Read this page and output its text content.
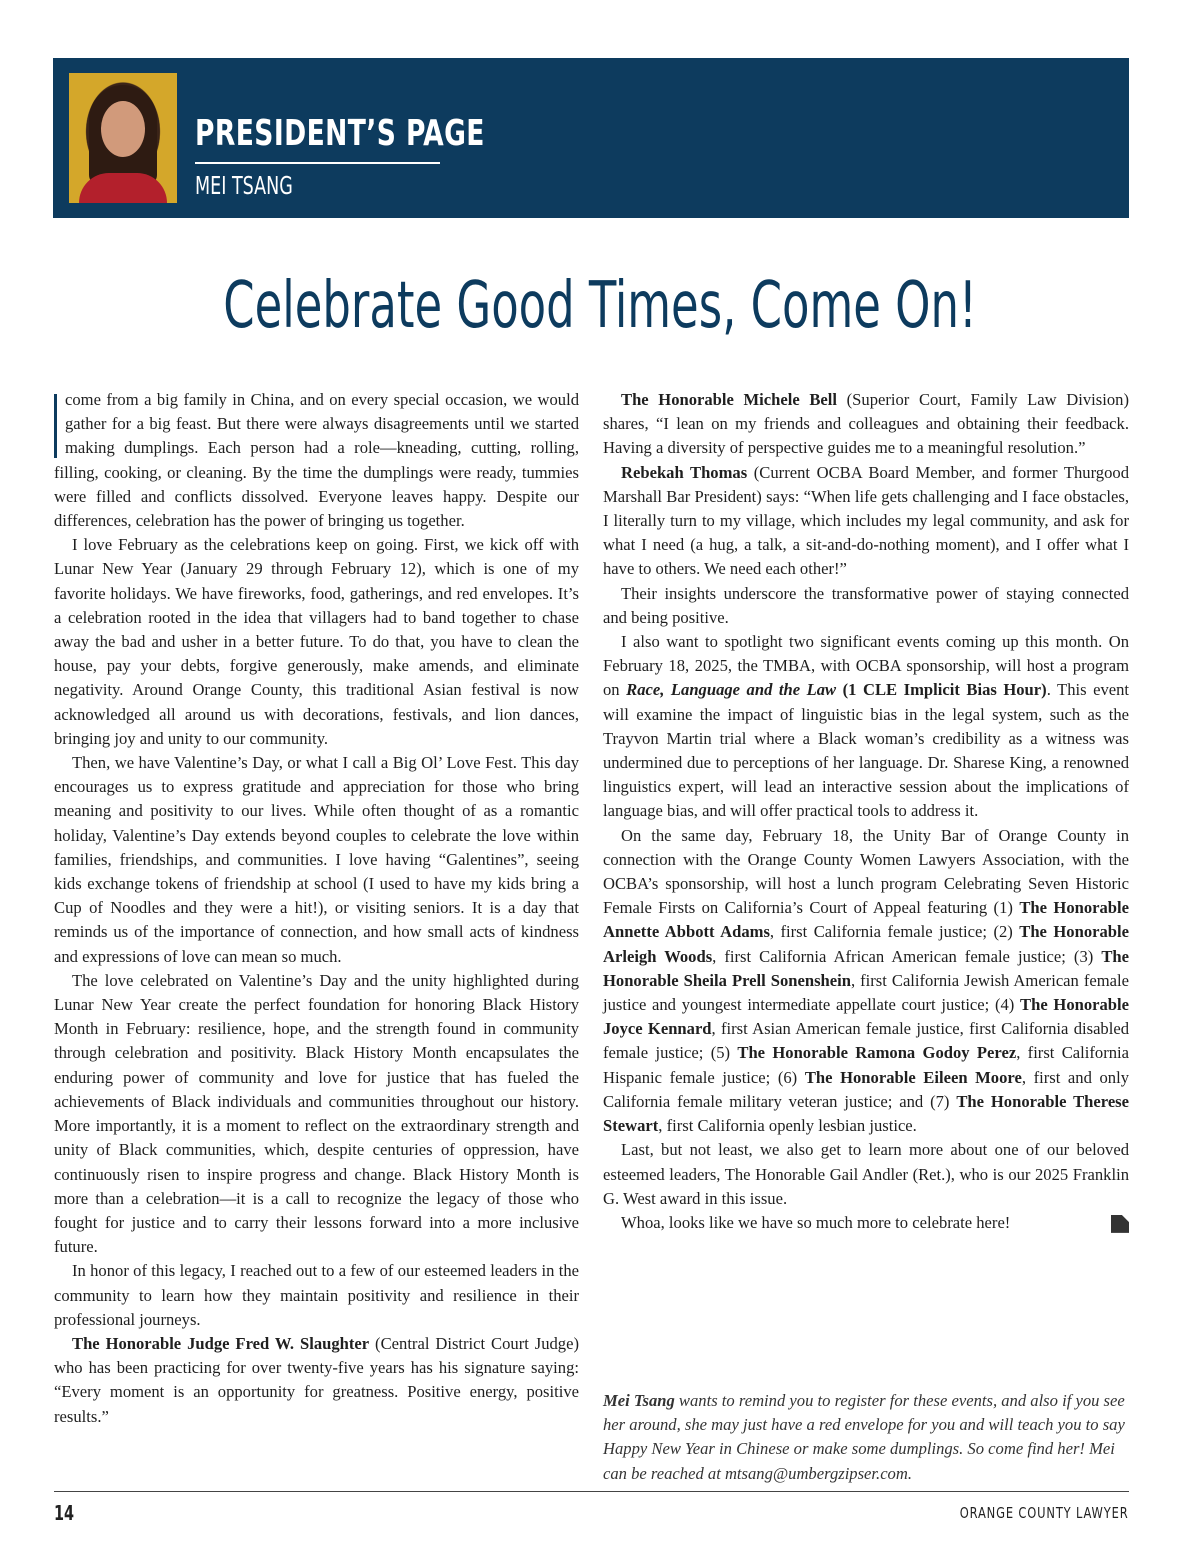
PRESIDENT’S PAGE
MEI TSANG
Celebrate Good Times, Come On!

come from a big family in China, and on every special occasion, we would gather for a big feast. But there were always disagreements until we started making dumplings. Each person had a role—kneading, cutting, rolling, filling, cooking, or cleaning. By the time the dumplings were ready, tummies were filled and conflicts dissolved. Everyone leaves happy. Despite our differences, celebration has the power of bringing us together.

I love February as the celebrations keep on going. First, we kick off with Lunar New Year (January 29 through February 12), which is one of my favorite holidays. We have fireworks, food, gatherings, and red envelopes. It’s a celebration rooted in the idea that villagers had to band together to chase away the bad and usher in a better future. To do that, you have to clean the house, pay your debts, forgive generously, make amends, and eliminate negativity. Around Orange County, this traditional Asian festival is now acknowledged all around us with decorations, festivals, and lion dances, bringing joy and unity to our community.

Then, we have Valentine’s Day, or what I call a Big Ol’ Love Fest. This day encourages us to express gratitude and appreciation for those who bring meaning and positivity to our lives. While often thought of as a romantic holiday, Valentine’s Day extends beyond couples to celebrate the love within families, friendships, and communities. I love having “Galentines”, seeing kids exchange tokens of friendship at school (I used to have my kids bring a Cup of Noodles and they were a hit!), or visiting seniors. It is a day that reminds us of the importance of connection, and how small acts of kindness and expressions of love can mean so much.

The love celebrated on Valentine’s Day and the unity highlighted during Lunar New Year create the perfect foundation for honoring Black History Month in February: resilience, hope, and the strength found in community through celebration and positivity. Black History Month encapsulates the enduring power of community and love for justice that has fueled the achievements of Black individuals and communities throughout our history. More importantly, it is a moment to reflect on the extraordinary strength and unity of Black communities, which, despite centuries of oppression, have continuously risen to inspire progress and change. Black History Month is more than a celebration—it is a call to recognize the legacy of those who fought for justice and to carry their lessons forward into a more inclusive future.

In honor of this legacy, I reached out to a few of our esteemed leaders in the community to learn how they maintain positivity and resilience in their professional journeys.

The Honorable Judge Fred W. Slaughter (Central District Court Judge) who has been practicing for over twenty-five years has his signature saying: “Every moment is an opportunity for greatness. Positive energy, positive results.”

The Honorable Michele Bell (Superior Court, Family Law Division) shares, “I lean on my friends and colleagues and obtaining their feedback. Having a diversity of perspective guides me to a meaningful resolution.”

Rebekah Thomas (Current OCBA Board Member, and former Thurgood Marshall Bar President) says: “When life gets challenging and I face obstacles, I literally turn to my village, which includes my legal community, and ask for what I need (a hug, a talk, a sit-and-do-nothing moment), and I offer what I have to others. We need each other!”

Their insights underscore the transformative power of staying connected and being positive.

I also want to spotlight two significant events coming up this month. On February 18, 2025, the TMBA, with OCBA sponsorship, will host a program on Race, Language and the Law (1 CLE Implicit Bias Hour). This event will examine the impact of linguistic bias in the legal system, such as the Trayvon Martin trial where a Black woman’s credibility as a witness was undermined due to perceptions of her language. Dr. Sharese King, a renowned linguistics expert, will lead an interactive session about the implications of language bias, and will offer practical tools to address it.

On the same day, February 18, the Unity Bar of Orange County in connection with the Orange County Women Lawyers Association, with the OCBA’s sponsorship, will host a lunch program Celebrating Seven Historic Female Firsts on California’s Court of Appeal featuring (1) The Honorable Annette Abbott Adams, first California female justice; (2) The Honorable Arleigh Woods, first California African American female justice; (3) The Honorable Sheila Prell Sonenshein, first California Jewish American female justice and youngest intermediate appellate court justice; (4) The Honorable Joyce Kennard, first Asian American female justice, first California disabled female justice; (5) The Honorable Ramona Godoy Perez, first California Hispanic female justice; (6) The Honorable Eileen Moore, first and only California female military veteran justice; and (7) The Honorable Therese Stewart, first California openly lesbian justice.

Last, but not least, we also get to learn more about one of our beloved esteemed leaders, The Honorable Gail Andler (Ret.), who is our 2025 Franklin G. West award in this issue.

Whoa, looks like we have so much more to celebrate here!

Mei Tsang wants to remind you to register for these events, and also if you see her around, she may just have a red envelope for you and will teach you to say Happy New Year in Chinese or make some dumplings. So come find her! Mei can be reached at mtsang@umbergzipser.com.
14	ORANGE COUNTY LAWYER
